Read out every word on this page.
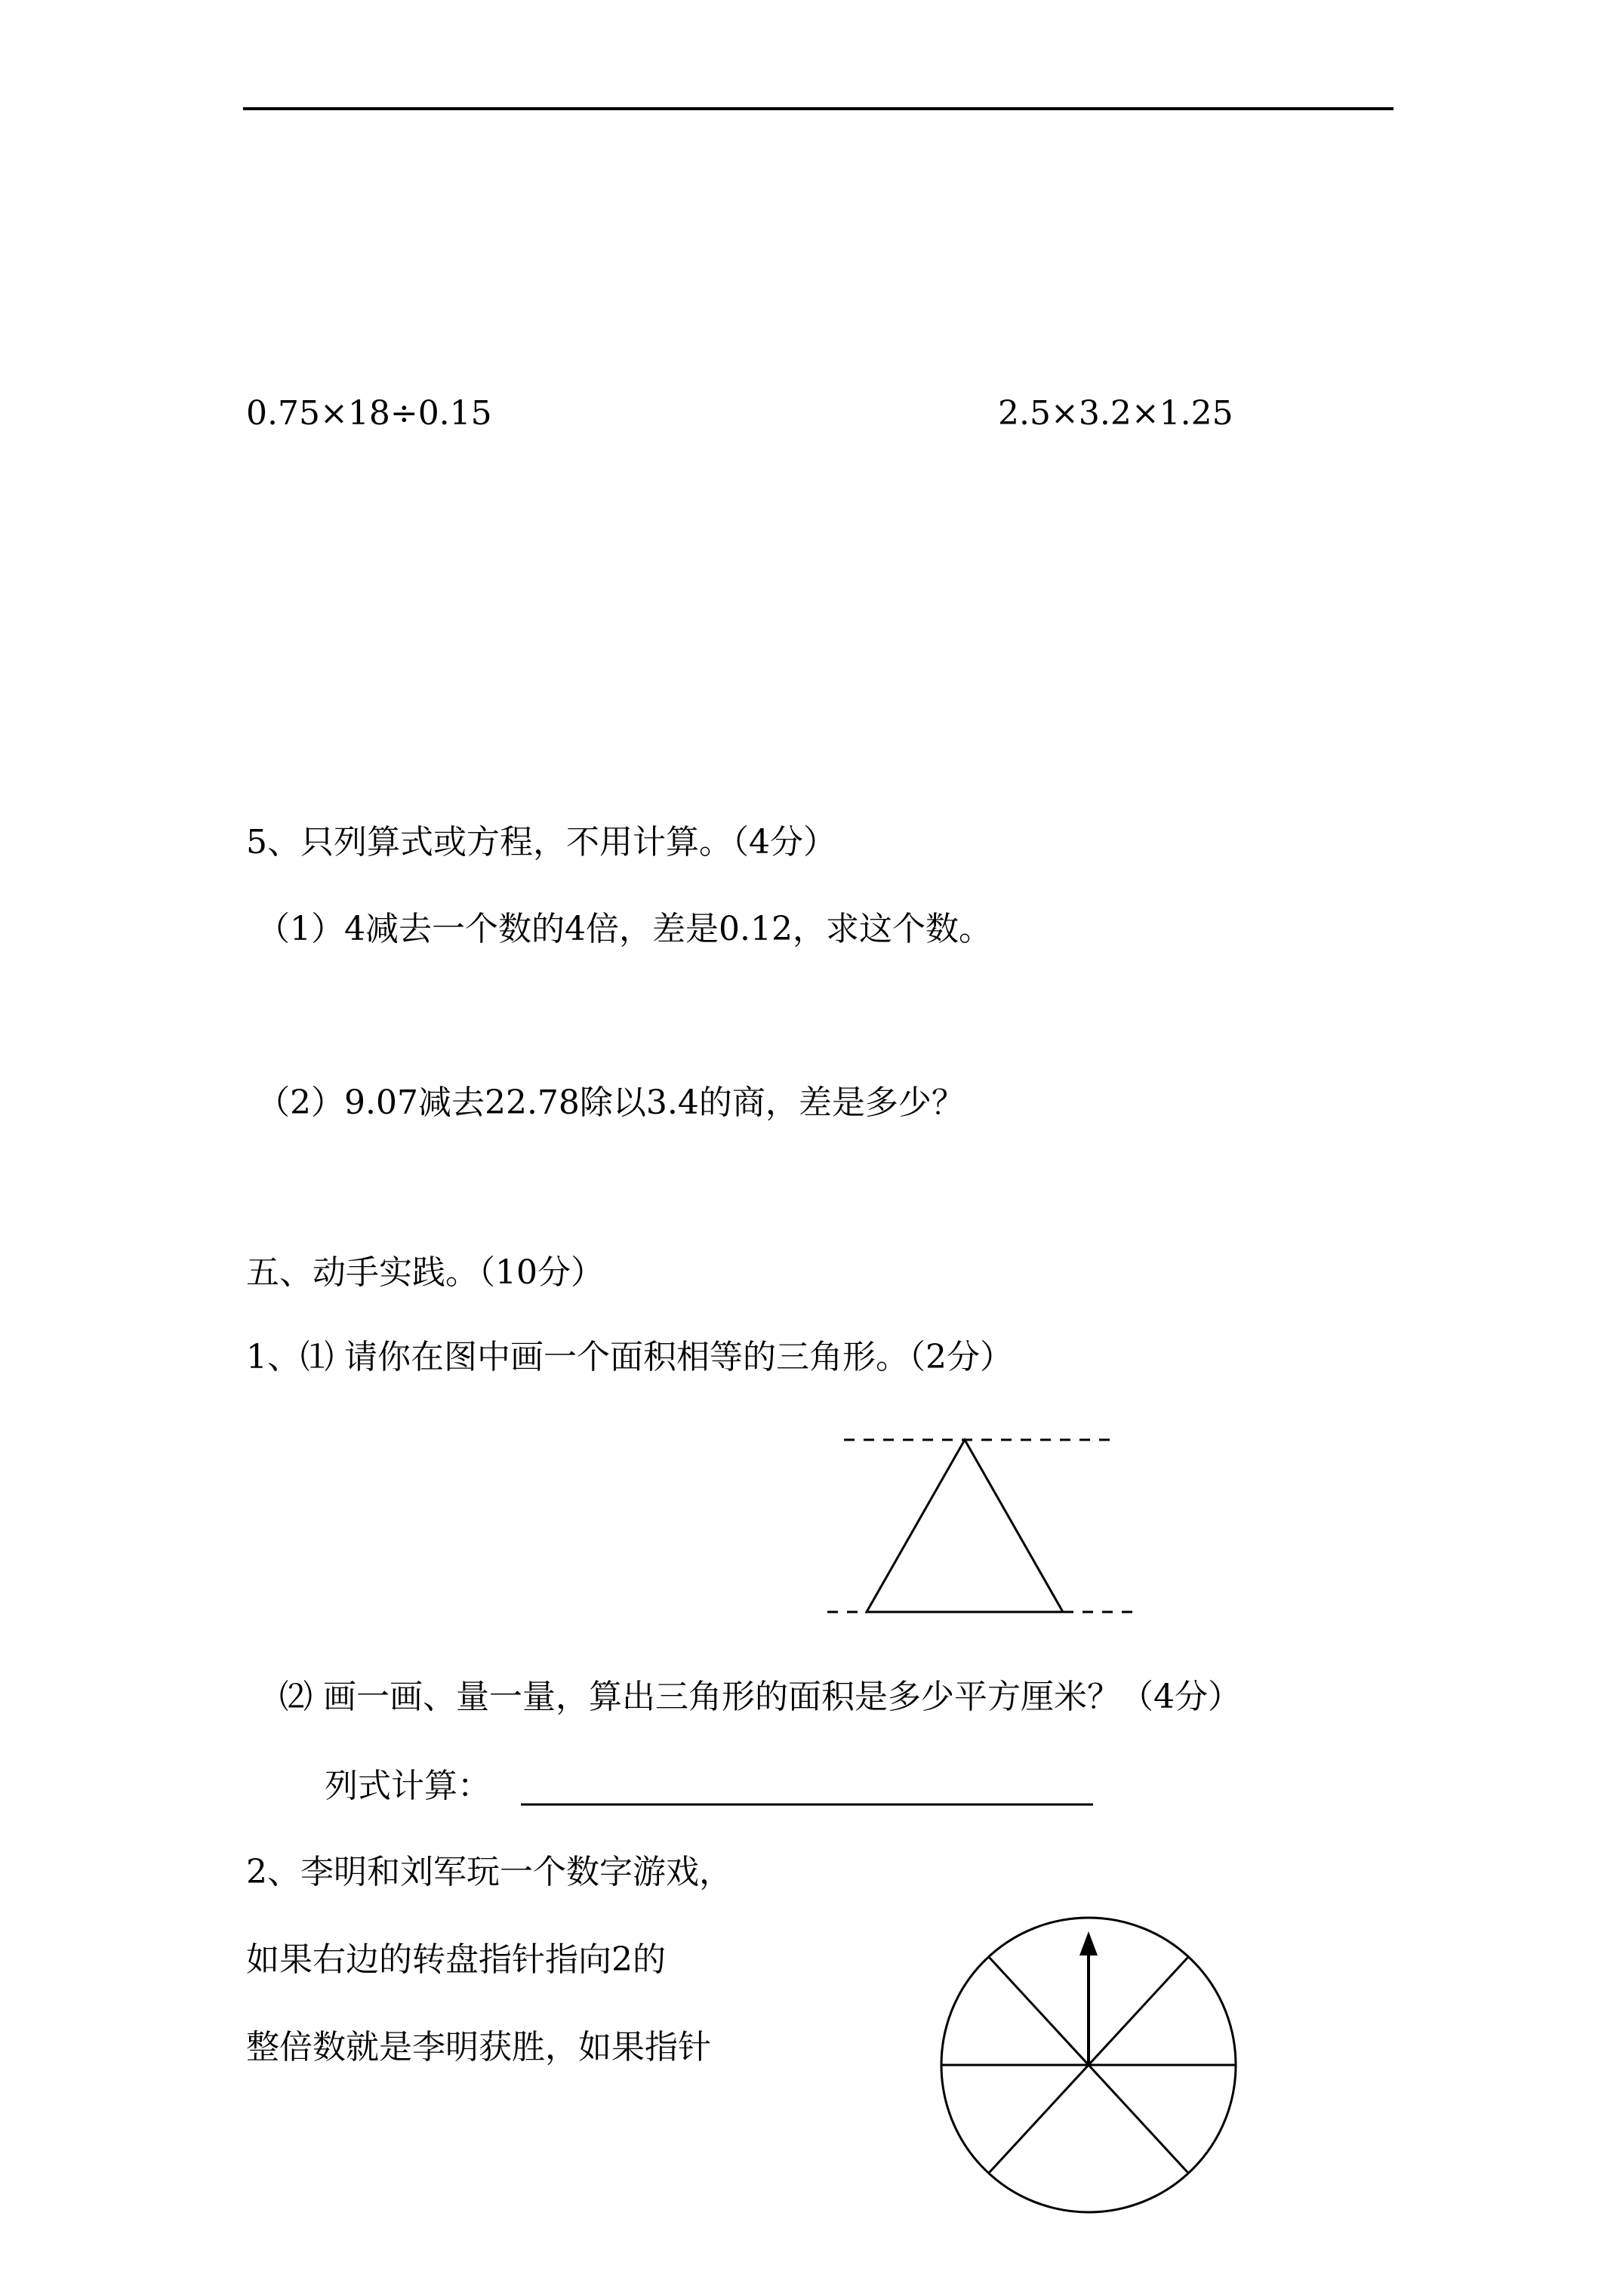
0.75×18÷0.15	2.5×3.2×1.25
5、只列算式或方程，不用计算。（4分）
（1）4减去一个数的4倍，差是0.12，求这个数。
（2）9.07减去22.78除以3.4的商，差是多少？
五、动手实践。（10分）
1、⑴ 请你在图中画一个面积相等的三角形。（2分）
⑵ 画一画、量一量，算出三角形的面积是多少平方厘米？（4分）
列式计算：
2、李明和刘军玩一个数字游戏，
如果右边的转盘指针指向2的
整倍数就是李明获胜，如果指针
